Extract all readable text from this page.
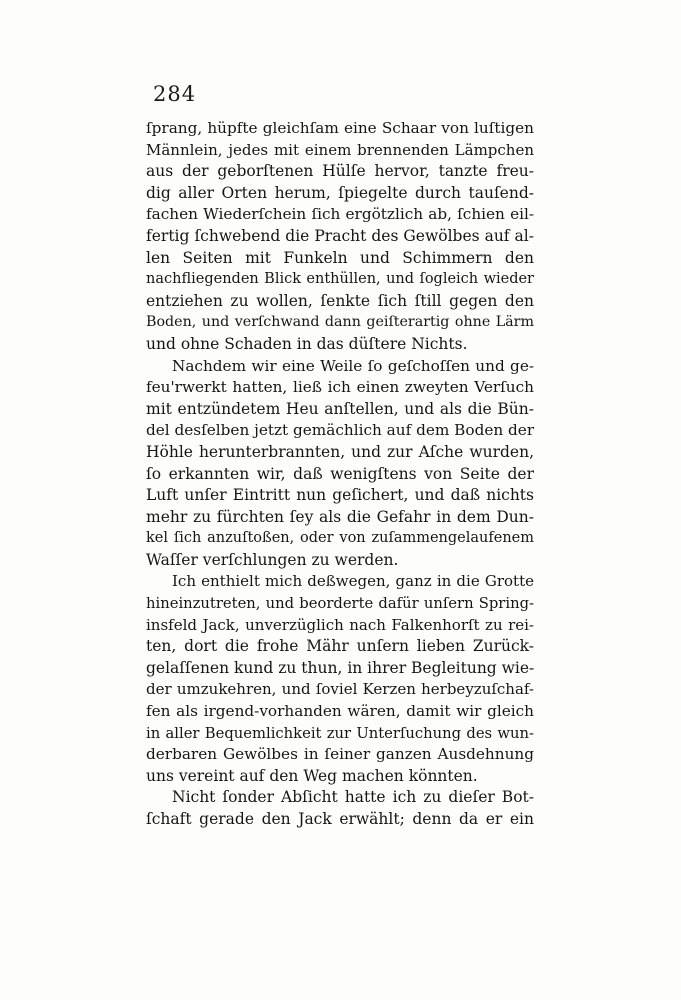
284
ſprang, hüpfte gleichſam eine Schaar von luſtigen
Männlein, jedes mit einem brennenden Lämpchen
aus der geborſtenen Hülſe hervor, tanzte freu-
dig aller Orten herum, ſpiegelte durch tauſend-
fachen Wiederſchein ſich ergötzlich ab, ſchien eil-
fertig ſchwebend die Pracht des Gewölbes auf al-
len Seiten mit Funkeln und Schimmern den
nachfliegenden Blick enthüllen, und ſogleich wieder
entziehen zu wollen, ſenkte ſich ſtill gegen den
Boden, und verſchwand dann geiſterartig ohne Lärm
und ohne Schaden in das düſtere Nichts.
Nachdem wir eine Weile ſo geſchoſſen und ge-
feu'rwerkt hatten, ließ ich einen zweyten Verſuch
mit entzündetem Heu anſtellen, und als die Bün-
del desſelben jetzt gemächlich auf dem Boden der
Höhle herunterbrannten, und zur Aſche wurden,
ſo erkannten wir, daß wenigſtens von Seite der
Luft unſer Eintritt nun geſichert, und daß nichts
mehr zu fürchten ſey als die Gefahr in dem Dun-
kel ſich anzuſtoßen, oder von zuſammengelaufenem
Waſſer verſchlungen zu werden.
Ich enthielt mich deßwegen, ganz in die Grotte
hineinzutreten, und beorderte dafür unſern Spring-
insfeld Jack, unverzüglich nach Falkenhorſt zu rei-
ten, dort die frohe Mähr unſern lieben Zurück-
gelaſſenen kund zu thun, in ihrer Begleitung wie-
der umzukehren, und ſoviel Kerzen herbeyzuſchaf-
fen als irgend-vorhanden wären, damit wir gleich
in aller Bequemlichkeit zur Unterſuchung des wun-
derbaren Gewölbes in ſeiner ganzen Ausdehnung
uns vereint auf den Weg machen könnten.
Nicht ſonder Abſicht hatte ich zu dieſer Bot-
ſchaft gerade den Jack erwählt; denn da er ein
